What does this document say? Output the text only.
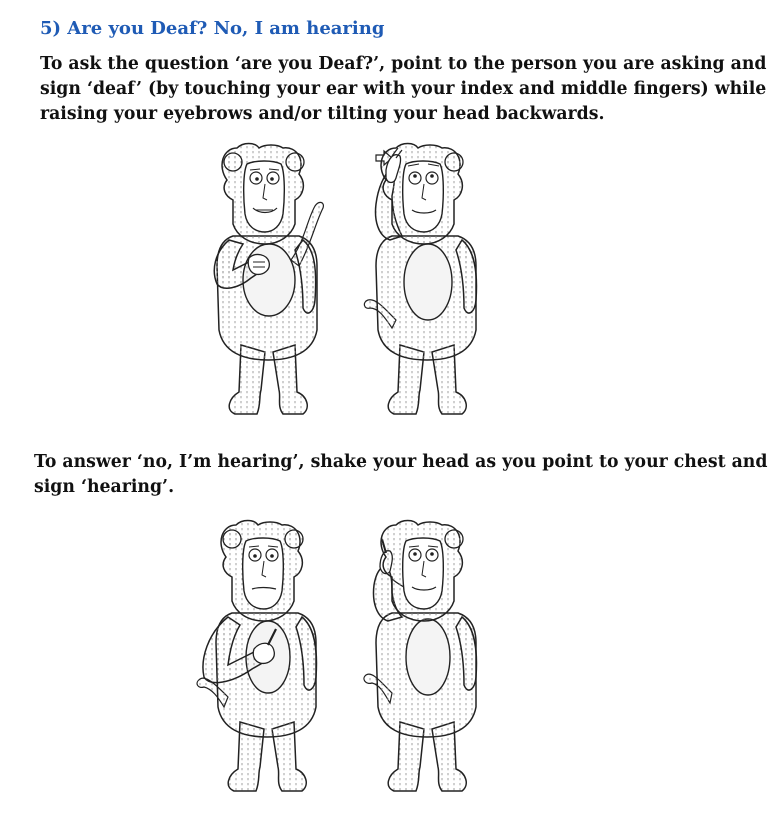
5) Are you Deaf? No, I am hearing

To ask the question ‘are you Deaf?’, point to the person you are asking and sign ‘deaf’ (by touching your ear with your index and middle fingers) while raising your eyebrows and/or tilting your head backwards.

To answer ‘no, I’m hearing’, shake your head as you point to your chest and sign ‘hearing’.
